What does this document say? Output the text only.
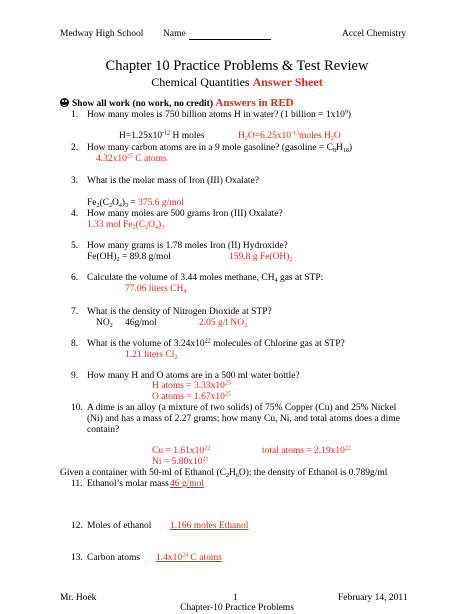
Medway High School Name	Accel Chemistry
Chapter 10 Practice Problems & Test Review
Chemical Quantities Answer Sheet
Show all work (no work, no credit) Answers in RED
1. How many moles is 750 billion atoms H in water? (1 billion = $1x10^9$)
$H=1.25x10^{-12}$ H moles	$H_2O=6.25x10^{-13}moles$ $H_2O$
2. How many carbon atoms are in a 9 mole gasoline? (gasoline = $C_8H_{18}$)
$4.32x10^{25}$ C atoms
3. What is the molar mass of Iron (III) Oxalate?
$Fe_2(C_2O_4)_3 = 375.6$ g/mol
4. How many moles are 500 grams Iron (III) Oxalate?
1.33 mol $Fe_2(C_2O_4)_3$
5. How many grams is 1.78 moles Iron (II) Hydroxide?
$Fe(OH)_2 = 89.8$ g/mol	159.8 g $Fe(OH)_2$
6. Calculate the volume of 3.44 moles methane, $CH_4$ gas at STP:
77.06 liters $CH_4$
7. What is the density of Nitrogen Dioxide at STP?
$NO_2$ 46g/mol	2.05 g/l $NO_2$
8. What is the volume of $3.24x10^{22}$ molecules of Chlorine gas at STP?
1.21 liters $Cl_2$
9. How many H and O atoms are in a 500 ml water bottle?
H atoms = $3.33x10^{25}$
O atoms = $1.67x10^{25}$
10. A dime is an alloy (a mixture of two solids) of 75% Copper (Cu) and 25% Nickel
(Ni) and has a mass of 2.27 grams; how many Cu, Ni, and total atoms does a dime
contain?
$Cu = 1.61x10^{22}$	total atoms = $2.19x10^{22}$
$Ni = 5.80x10^{21}$
Given a container with 50-ml of Ethanol $(C_2H_6O)$; the density of Ethanol is 0.789g/ml
11. Ethanol’s molar mass 46 g/mol
12. Moles of ethanol 1.166 moles Ethanol
13. Carbon atoms $1.4x10^{24}$ C atoms
Mr. Hoek	1	February 14, 2011
Chapter-10 Practice Problems
